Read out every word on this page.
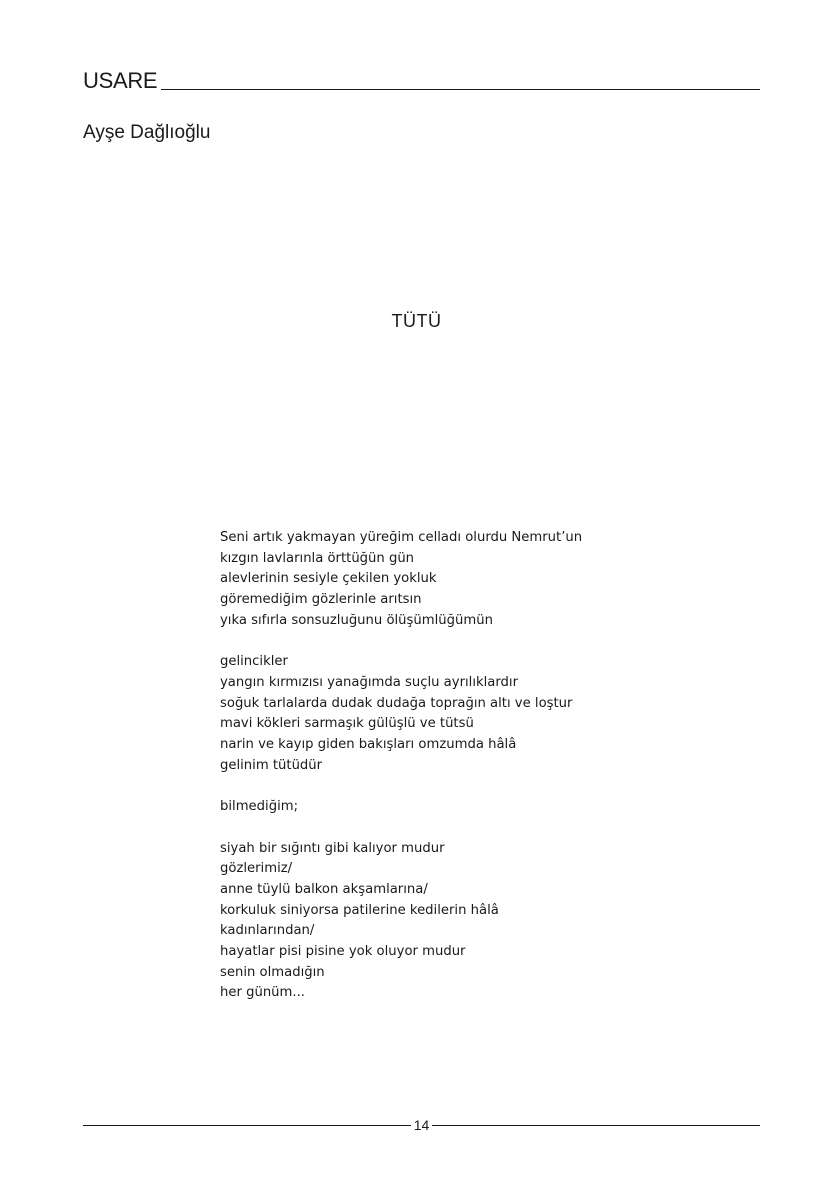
USARE
Ayşe Dağlıoğlu
TÜTÜ
Seni artık yakmayan yüreğim celladı olurdu Nemrut’un
kızgın lavlarınla örttüğün gün
alevlerinin sesiyle çekilen yokluk
göremediğim gözlerinle arıtsın
yıka sıfırla sonsuzluğunu ölüşümlüğümün
gelincikler
yangın kırmızısı yanağımda suçlu ayrılıklardır
soğuk tarlalarda dudak dudağa toprağın altı ve loştur
mavi kökleri sarmaşık gülüşlü ve tütsü
narin ve kayıp giden bakışları omzumda hâlâ
gelinim tütüdür
bilmediğim;
siyah bir sığıntı gibi kalıyor mudur
gözlerimiz/
anne tüylü balkon akşamlarına/
korkuluk siniyorsa patilerine kedilerin hâlâ
kadınlarından/
hayatlar pisi pisine yok oluyor mudur
senin olmadığın
her günüm...
14
